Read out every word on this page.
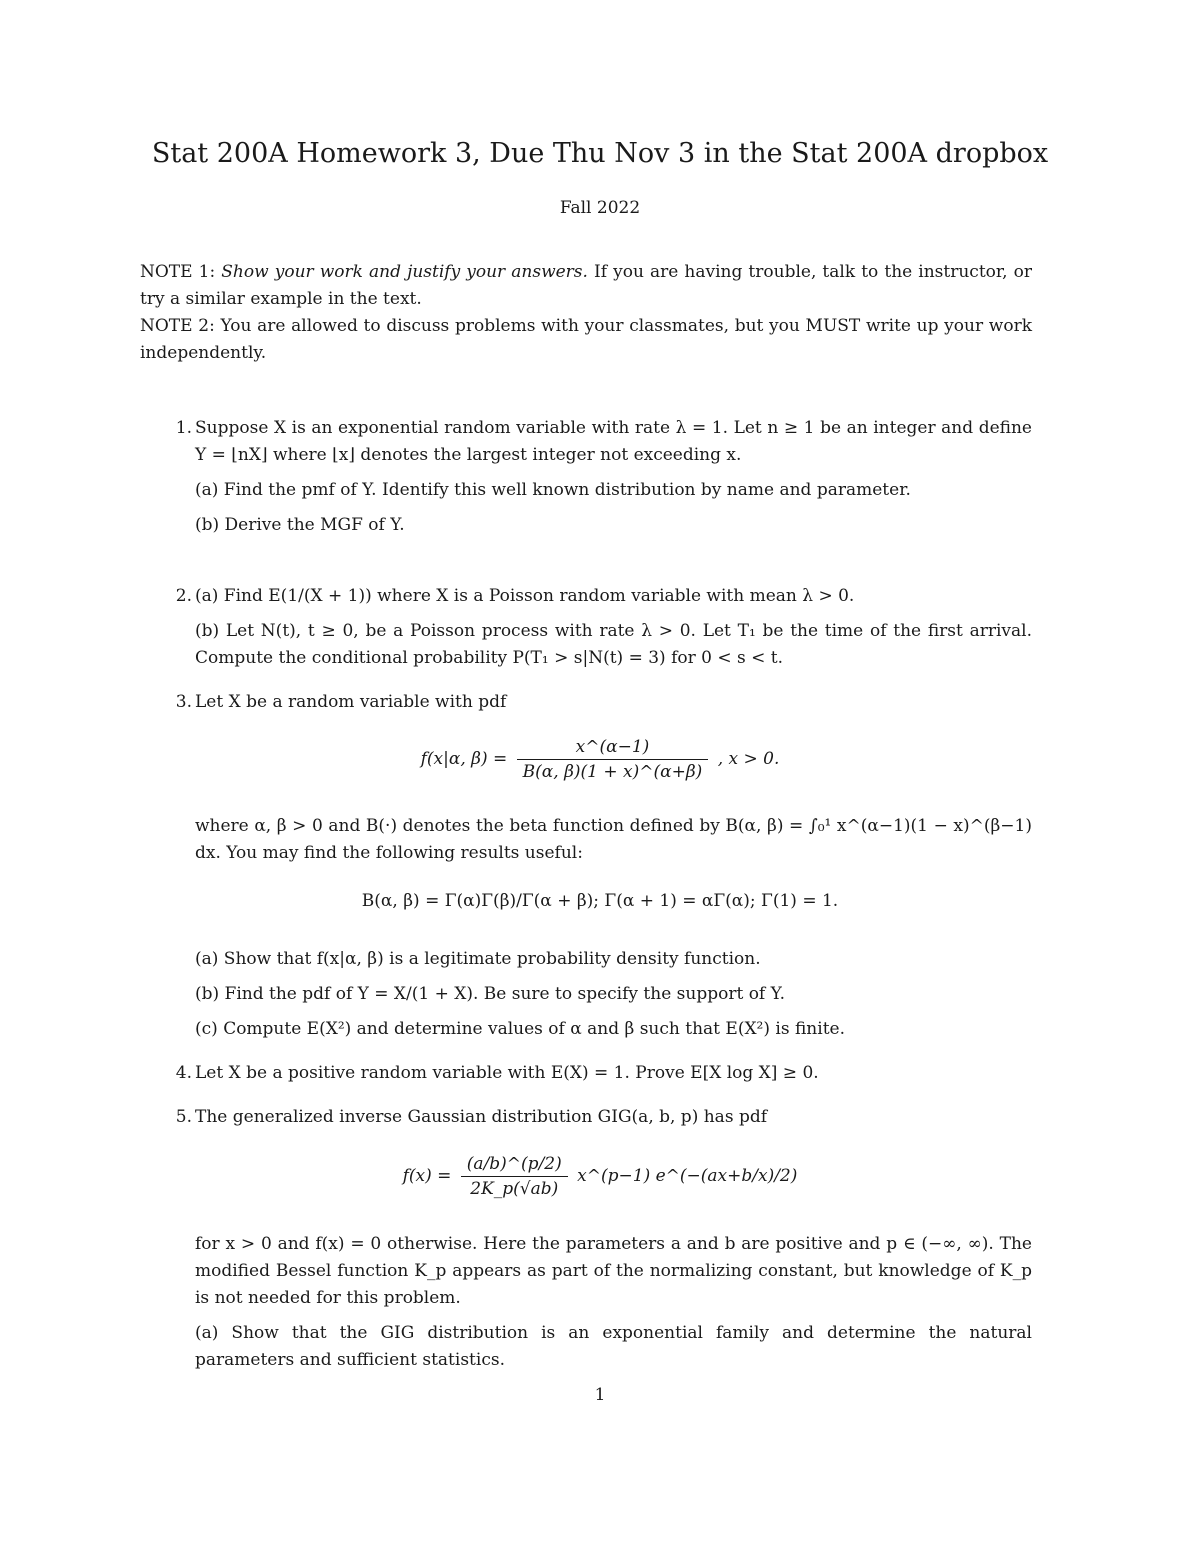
Stat 200A Homework 3, Due Thu Nov 3 in the Stat 200A dropbox
Fall 2022

NOTE 1: Show your work and justify your answers. If you are having trouble, talk to the instructor, or try a similar example in the text.

NOTE 2: You are allowed to discuss problems with your classmates, but you MUST write up your work independently.

1. Suppose X is an exponential random variable with rate λ = 1. Let n ≥ 1 be an integer and define Y = ⌊nX⌋ where ⌊x⌋ denotes the largest integer not exceeding x.

(a) Find the pmf of Y. Identify this well known distribution by name and parameter.

(b) Derive the MGF of Y.

2. (a) Find E(1/(X + 1)) where X is a Poisson random variable with mean λ > 0.

(b) Let N(t), t ≥ 0, be a Poisson process with rate λ > 0. Let T₁ be the time of the first arrival. Compute the conditional probability P(T₁ > s|N(t) = 3) for 0 < s < t.

3. Let X be a random variable with pdf

f(x|α, $\beta) = \frac{x\^{}(\alpha-1)}{B(\alpha, \beta)(1 + x)\^{}(\alpha+\beta)}$ , x > 0.

where α, β > 0 and B(·) denotes the beta function defined by B(α, β) = ∫₀¹ x^(α−1)(1 − x)^(β−1) dx. You may find the following results useful:

B(α, β) = Γ(α)Γ(β)/Γ(α + β); Γ(α + 1) = αΓ(α); Γ(1) = 1.

(a) Show that f(x|α, β) is a legitimate probability density function.

(b) Find the pdf of Y = X/(1 + X). Be sure to specify the support of Y.

(c) Compute E(X²) and determine values of α and β such that E(X²) is finite.

4. Let X be a positive random variable with E(X) = 1. Prove E[X log X] ≥ 0.

5. The generalized inverse Gaussian distribution GIG(a, b, p) has pdf

$f(x) = \frac{(a/b)\^{}(p/2)}{2K\_p(√ab)}$ x^(p−1) e^(−(ax+b/x)/2)

for x > 0 and f(x) = 0 otherwise. Here the parameters a and b are positive and p ∈ (−∞, ∞). The modified Bessel function K_p appears as part of the normalizing constant, but knowledge of K_p is not needed for this problem.

(a) Show that the GIG distribution is an exponential family and determine the natural parameters and sufficient statistics.

1
